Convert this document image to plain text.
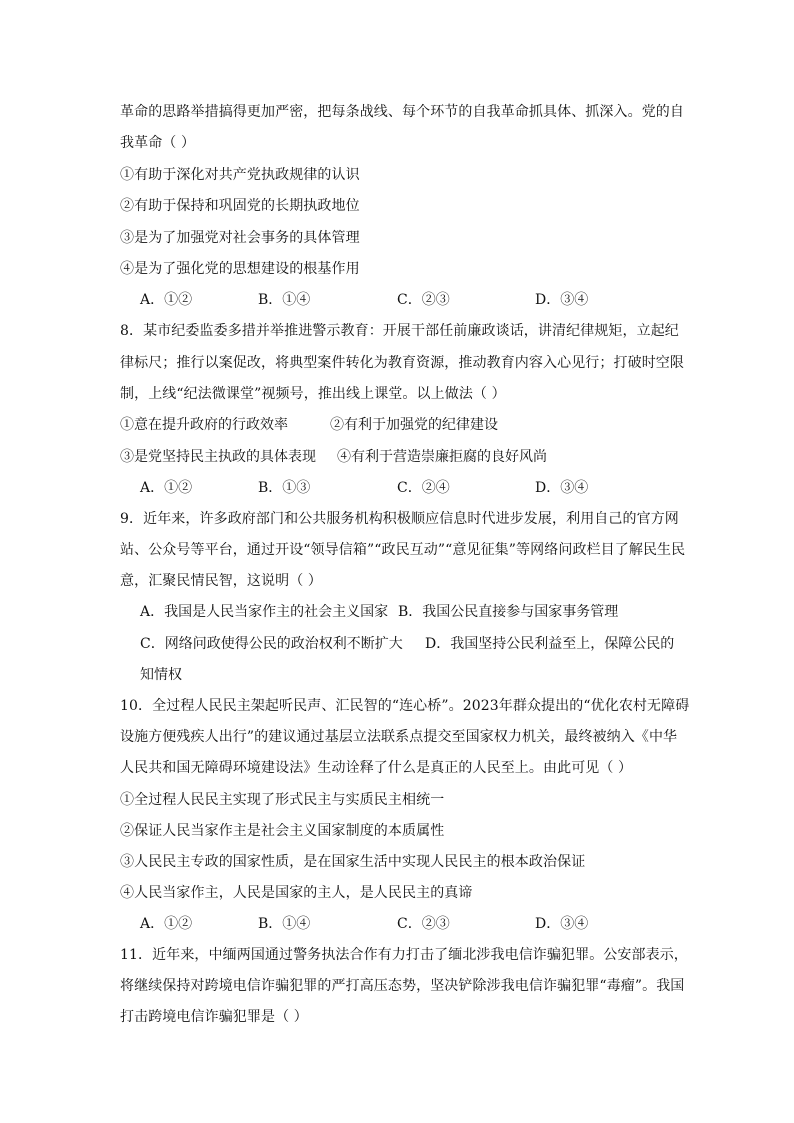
革命的思路举措搞得更加严密，把每条战线、每个环节的自我革命抓具体、抓深入。党的自
我革命（ ）
①有助于深化对共产党执政规律的认识
②有助于保持和巩固党的长期执政地位
③是为了加强党对社会事务的具体管理
④是为了强化党的思想建设的根基作用
A．①②	B．①④	C．②③	D．③④
8．某市纪委监委多措并举推进警示教育：开展干部任前廉政谈话，讲清纪律规矩，立起纪
律标尺；推行以案促改，将典型案件转化为教育资源，推动教育内容入心见行；打破时空限
制，上线“纪法微课堂”视频号，推出线上课堂。以上做法（ ）
①意在提升政府的行政效率	②有利于加强党的纪律建设
③是党坚持民主执政的具体表现 ④有利于营造崇廉拒腐的良好风尚
A．①②	B．①③	C．②④	D．③④
9．近年来，许多政府部门和公共服务机构积极顺应信息时代进步发展，利用自己的官方网
站、公众号等平台，通过开设“领导信箱”“政民互动”“意见征集”等网络问政栏目了解民生民
意，汇聚民情民智，这说明（ ）
A．我国是人民当家作主的社会主义国家 B．我国公民直接参与国家事务管理
C．网络问政使得公民的政治权利不断扩大 D．我国坚持公民利益至上，保障公民的
知情权
10．全过程人民民主架起听民声、汇民智的“连心桥”。2023年群众提出的“优化农村无障碍
设施方便残疾人出行”的建议通过基层立法联系点提交至国家权力机关，最终被纳入《中华
人民共和国无障碍环境建设法》生动诠释了什么是真正的人民至上。由此可见（ ）
①全过程人民民主实现了形式民主与实质民主相统一
②保证人民当家作主是社会主义国家制度的本质属性
③人民民主专政的国家性质，是在国家生活中实现人民民主的根本政治保证
④人民当家作主，人民是国家的主人，是人民民主的真谛
A．①②	B．①④	C．②③	D．③④
11．近年来，中缅两国通过警务执法合作有力打击了缅北涉我电信诈骗犯罪。公安部表示，
将继续保持对跨境电信诈骗犯罪的严打高压态势，坚决铲除涉我电信诈骗犯罪“毒瘤”。我国
打击跨境电信诈骗犯罪是（ ）
